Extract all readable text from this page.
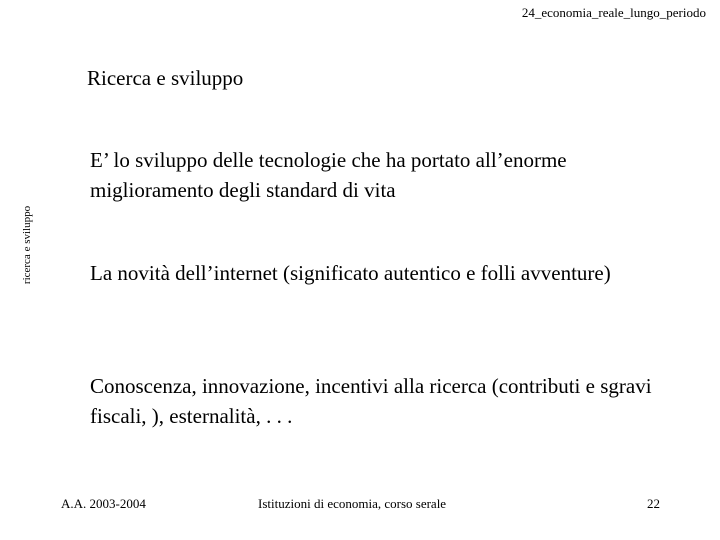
24_economia_reale_lungo_periodo
Ricerca e sviluppo
ricerca e sviluppo
E’ lo sviluppo delle tecnologie che ha portato all’enorme miglioramento degli standard di vita
La novità dell’internet (significato autentico e folli avventure)
Conoscenza, innovazione, incentivi alla ricerca (contributi e sgravi fiscali, ), esternalità, . . .
A.A. 2003-2004	Istituzioni di economia, corso serale	22
